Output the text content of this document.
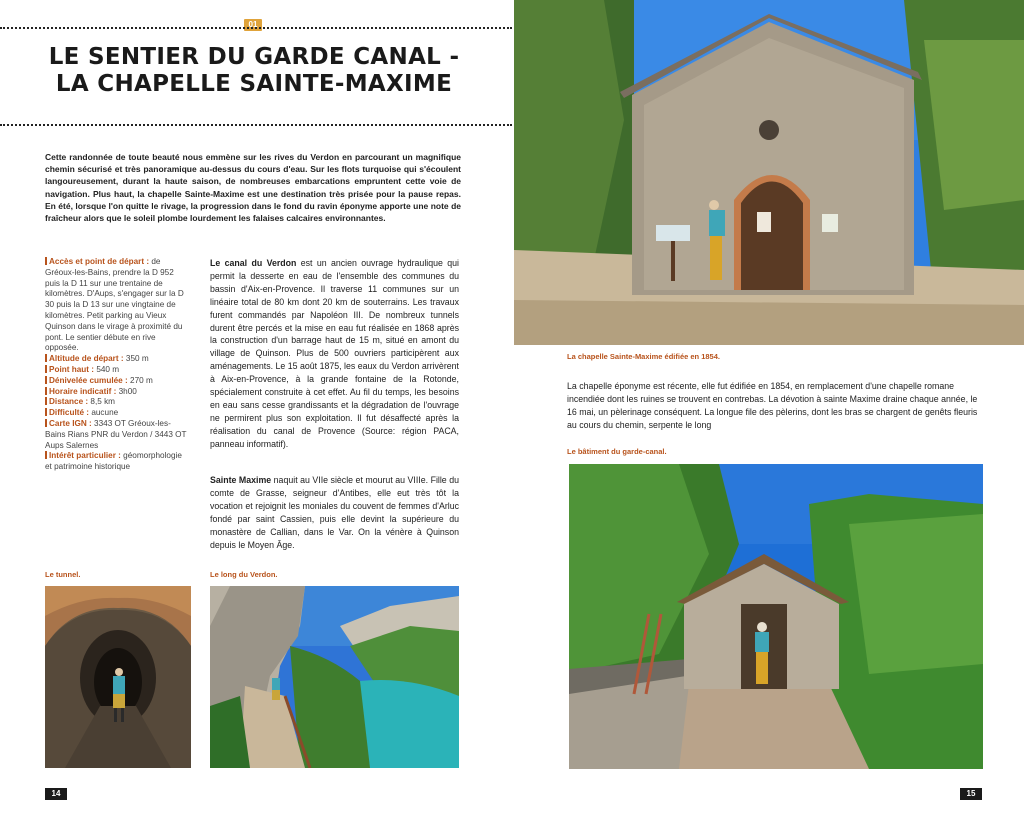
01
LE SENTIER DU GARDE CANAL -
LA CHAPELLE SAINTE-MAXIME

Cette randonnée de toute beauté nous emmène sur les rives du Verdon en parcourant un magnifique chemin sécurisé et très panoramique au-dessus du cours d'eau. Sur les flots turquoise qui s'écoulent langoureusement, durant la haute saison, de nombreuses embarcations empruntent cette voie de navigation. Plus haut, la chapelle Sainte-Maxime est une destination très prisée pour la pause repas. En été, lorsque l'on quitte le rivage, la progression dans le fond du ravin éponyme apporte une note de fraîcheur alors que le soleil plombe lourdement les falaises calcaires environnantes.

Accès et point de départ : de Gréoux-les-Bains, prendre la D 952 puis la D 11 sur une trentaine de kilomètres. D'Aups, s'engager sur la D 30 puis la D 13 sur une vingtaine de kilomètres. Petit parking au Vieux Quinson dans le virage à proximité du pont. Le sentier débute en rive opposée.
Altitude de départ : 350 m
Point haut : 540 m
Dénivelée cumulée : 270 m
Horaire indicatif : 3h00
Distance : 8,5 km
Difficulté : aucune
Carte IGN : 3343 OT Gréoux-les-Bains Rians PNR du Verdon / 3443 OT Aups Salernes
Intérêt particulier : géomorphologie et patrimoine historique

Le canal du Verdon est un ancien ouvrage hydraulique qui permit la desserte en eau de l'ensemble des communes du bassin d'Aix-en-Provence. Il traverse 11 communes sur un linéaire total de 80 km dont 20 km de souterrains. Les travaux furent commandés par Napoléon III. De nombreux tunnels durent être percés et la mise en eau fut réalisée en 1868 après la construction d'un barrage haut de 15 m, situé en amont du village de Quinson. Plus de 500 ouvriers participèrent aux aménagements. Le 15 août 1875, les eaux du Verdon arrivèrent à Aix-en-Provence, à la grande fontaine de la Rotonde, spécialement construite à cet effet. Au fil du temps, les besoins en eau sans cesse grandissants et la dégradation de l'ouvrage ne permirent plus son exploitation. Il fut désaffecté après la réalisation du canal de Provence (Source: région PACA, panneau informatif).

Sainte Maxime naquit au VIIe siècle et mourut au VIIIe. Fille du comte de Grasse, seigneur d'Antibes, elle eut très tôt la vocation et rejoignit les moniales du couvent de femmes d'Arluc fondé par saint Cassien, puis elle devint la supérieure du monastère de Callian, dans le Var. On la vénère à Quinson depuis le Moyen Âge.

Le tunnel.	Le long du Verdon.
14
La chapelle Sainte-Maxime édifiée en 1854.

La chapelle éponyme est récente, elle fut édifiée en 1854, en remplacement d'une chapelle romane incendiée dont les ruines se trouvent en contrebas. La dévotion à sainte Maxime draine chaque année, le 16 mai, un pèlerinage conséquent. La longue file des pèlerins, dont les bras se chargent de genêts fleuris au cours du chemin, serpente le long

Le bâtiment du garde-canal.
15
